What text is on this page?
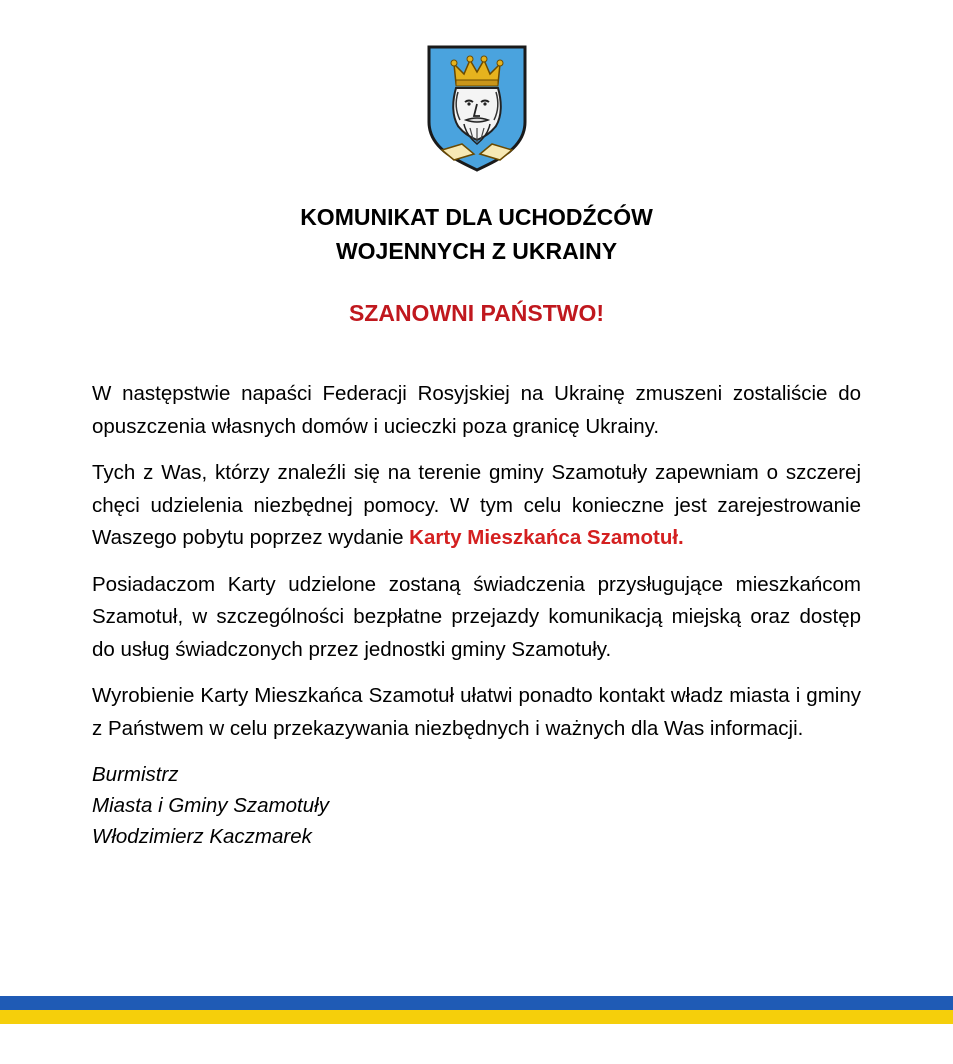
KOMUNIKAT DLA UCHODŹCÓW
WOJENNYCH Z UKRAINY
SZANOWNI PAŃSTWO!

W następstwie napaści Federacji Rosyjskiej na Ukrainę zmuszeni zostaliście do opuszczenia własnych domów i ucieczki poza granicę Ukrainy.

Tych z Was, którzy znaleźli się na terenie gminy Szamotuły zapewniam o szczerej chęci udzielenia niezbędnej pomocy. W tym celu konieczne jest zarejestrowanie Waszego pobytu poprzez wydanie Karty Mieszkańca Szamotuł.

Posiadaczom Karty udzielone zostaną świadczenia przysługujące mieszkańcom Szamotuł, w szczególności bezpłatne przejazdy komunikacją miejską oraz dostęp do usług świadczonych przez jednostki gminy Szamotuły.

Wyrobienie Karty Mieszkańca Szamotuł ułatwi ponadto kontakt władz miasta i gminy z Państwem w celu przekazywania niezbędnych i ważnych dla Was informacji.

Burmistrz
Miasta i Gminy Szamotuły
Włodzimierz Kaczmarek
